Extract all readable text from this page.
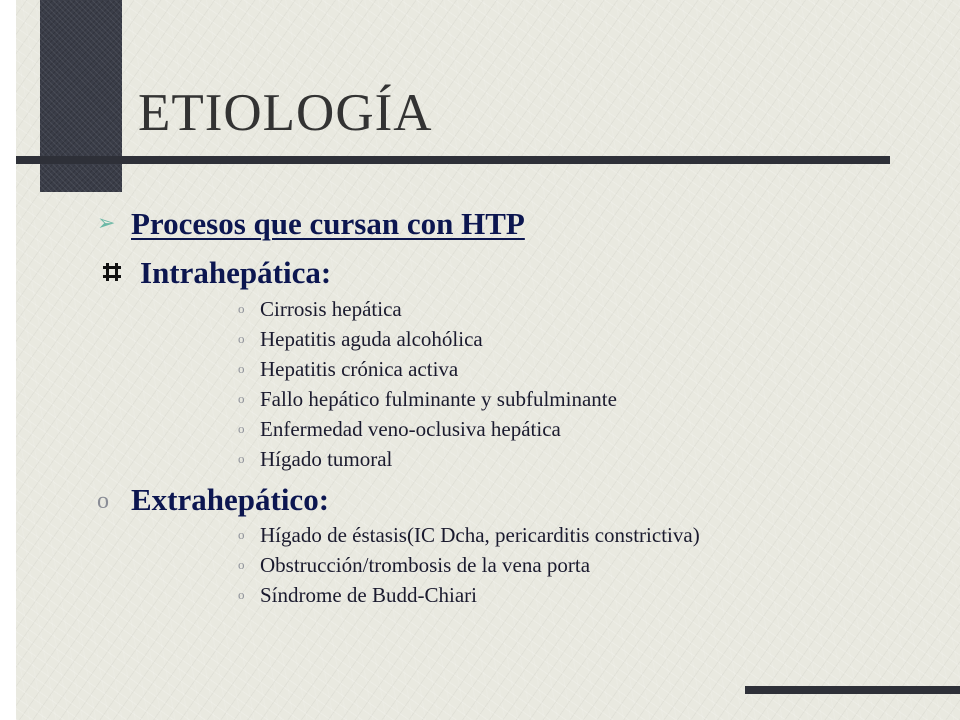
ETIOLOGÍA
➢ Procesos que cursan con HTP
Intrahepática:
o Cirrosis hepática
o Hepatitis aguda alcohólica
o Hepatitis crónica activa
o Fallo hepático fulminante y subfulminante
o Enfermedad veno-oclusiva hepática
o Hígado tumoral
o Extrahepático:
o Hígado de éstasis(IC Dcha, pericarditis constrictiva)
o Obstrucción/trombosis de la vena porta
o Síndrome de Budd-Chiari
